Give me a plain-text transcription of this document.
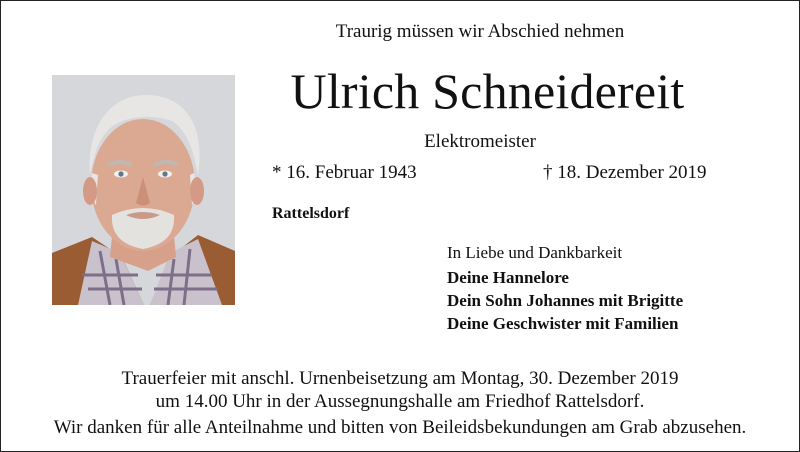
Traurig müssen wir Abschied nehmen
Ulrich Schneidereit
Elektromeister
* 16. Februar 1943	† 18. Dezember 2019
Rattelsdorf
In Liebe und Dankbarkeit
Deine Hannelore
Dein Sohn Johannes mit Brigitte
Deine Geschwister mit Familien
Trauerfeier mit anschl. Urnenbeisetzung am Montag, 30. Dezember 2019
um 14.00 Uhr in der Aussegnungshalle am Friedhof Rattelsdorf.
Wir danken für alle Anteilnahme und bitten von Beileidsbekundungen am Grab abzusehen.
